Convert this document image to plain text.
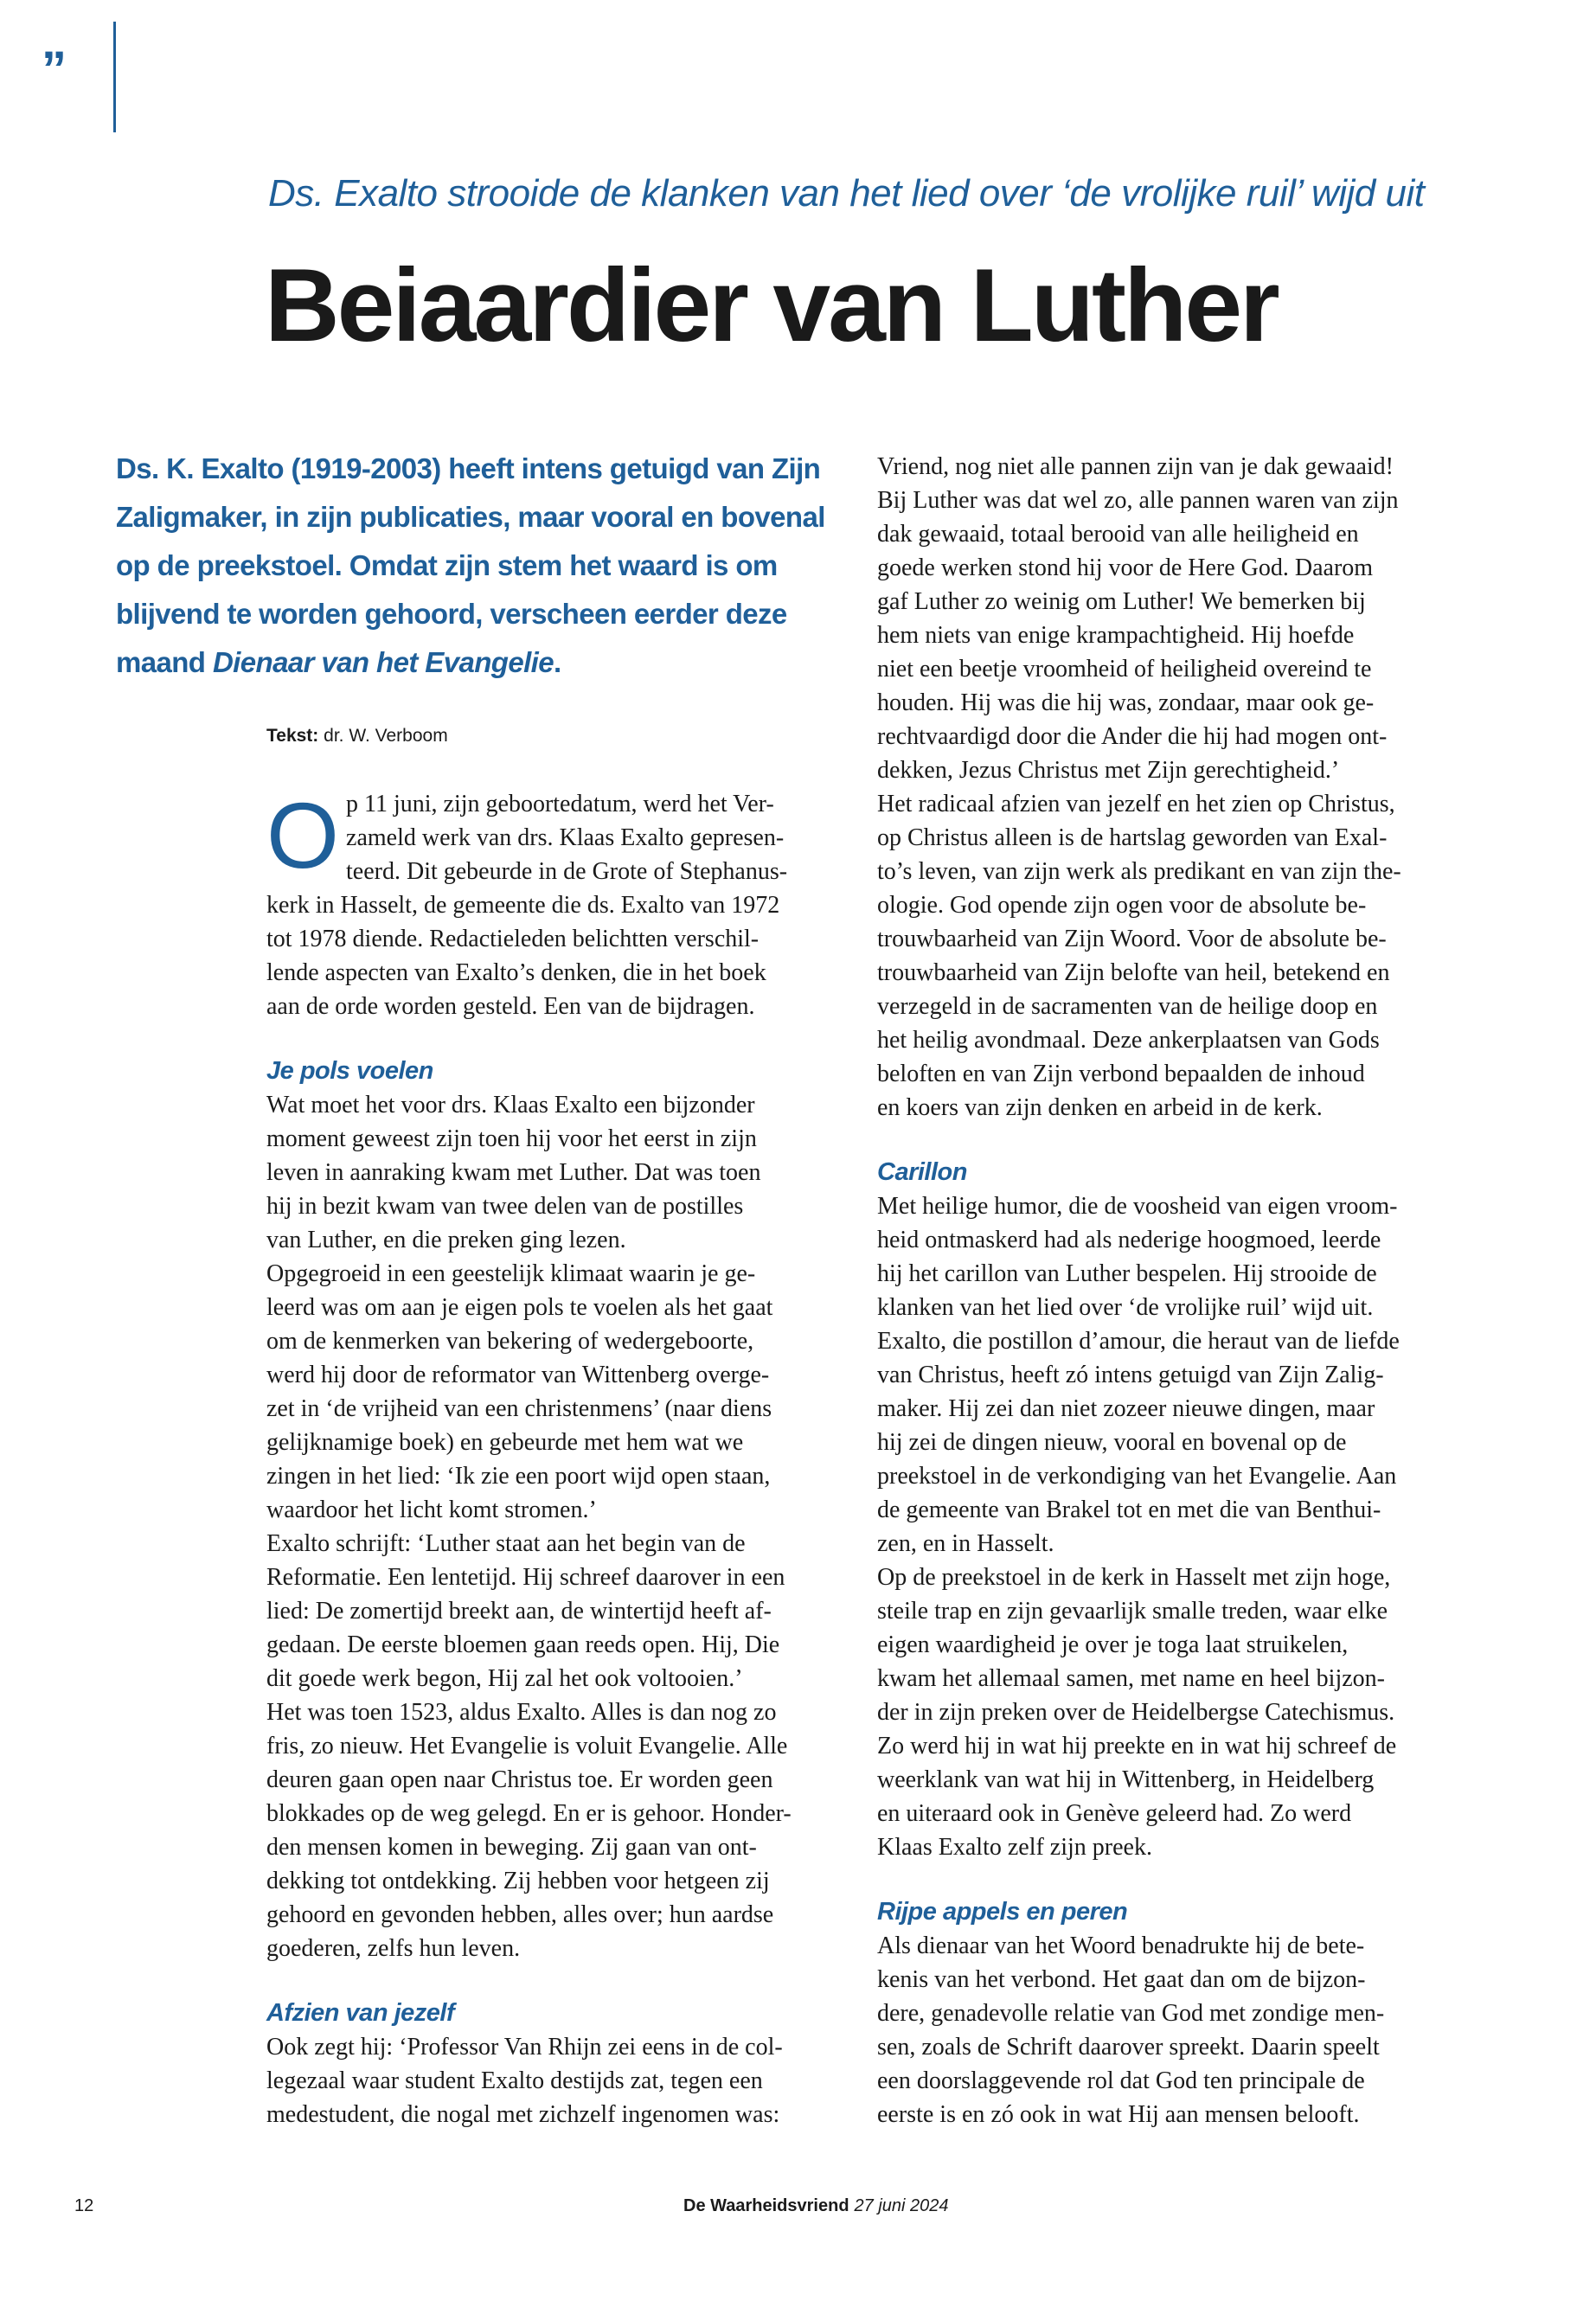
”
Ds. Exalto strooide de klanken van het lied over ‘de vrolijke ruil’ wijd uit
Beiaardier van Luther
Ds. K. Exalto (1919-2003) heeft intens getuigd van Zijn Zaligmaker, in zijn publicaties, maar vooral en bovenal op de preekstoel. Omdat zijn stem het waard is om blijvend te worden gehoord, verscheen eerder deze maand Dienaar van het Evangelie.
Tekst: dr. W. Verboom
O p 11 juni, zijn geboortedatum, werd het Ver-
zameld werk van drs. Klaas Exalto gepresen-
teerd. Dit gebeurde in de Grote of Stephanus-
kerk in Hasselt, de gemeente die ds. Exalto van 1972
tot 1978 diende. Redactieleden belichtten verschil-
lende aspecten van Exalto’s denken, die in het boek
aan de orde worden gesteld. Een van de bijdragen.
Je pols voelen
Wat moet het voor drs. Klaas Exalto een bijzonder
moment geweest zijn toen hij voor het eerst in zijn
leven in aanraking kwam met Luther. Dat was toen
hij in bezit kwam van twee delen van de postilles
van Luther, en die preken ging lezen.
Opgegroeid in een geestelijk klimaat waarin je ge-
leerd was om aan je eigen pols te voelen als het gaat
om de kenmerken van bekering of wedergeboorte,
werd hij door de reformator van Wittenberg overge-
zet in ‘de vrijheid van een christenmens’ (naar diens
gelijknamige boek) en gebeurde met hem wat we
zingen in het lied: ‘Ik zie een poort wijd open staan,
waardoor het licht komt stromen.’
Exalto schrijft: ‘Luther staat aan het begin van de
Reformatie. Een lentetijd. Hij schreef daarover in een
lied: De zomertijd breekt aan, de wintertijd heeft af-
gedaan. De eerste bloemen gaan reeds open. Hij, Die
dit goede werk begon, Hij zal het ook voltooien.’
Het was toen 1523, aldus Exalto. Alles is dan nog zo
fris, zo nieuw. Het Evangelie is voluit Evangelie. Alle
deuren gaan open naar Christus toe. Er worden geen
blokkades op de weg gelegd. En er is gehoor. Honder-
den mensen komen in beweging. Zij gaan van ont-
dekking tot ontdekking. Zij hebben voor hetgeen zij
gehoord en gevonden hebben, alles over; hun aardse
goederen, zelfs hun leven.
Afzien van jezelf
Ook zegt hij: ‘Professor Van Rhijn zei eens in de col-
legezaal waar student Exalto destijds zat, tegen een
medestudent, die nogal met zichzelf ingenomen was:
Vriend, nog niet alle pannen zijn van je dak gewaaid!
Bij Luther was dat wel zo, alle pannen waren van zijn
dak gewaaid, totaal berooid van alle heiligheid en
goede werken stond hij voor de Here God. Daarom
gaf Luther zo weinig om Luther! We bemerken bij
hem niets van enige krampachtigheid. Hij hoefde
niet een beetje vroomheid of heiligheid overeind te
houden. Hij was die hij was, zondaar, maar ook ge-
rechtvaardigd door die Ander die hij had mogen ont-
dekken, Jezus Christus met Zijn gerechtigheid.’
Het radicaal afzien van jezelf en het zien op Christus,
op Christus alleen is de hartslag geworden van Exal-
to’s leven, van zijn werk als predikant en van zijn the-
ologie. God opende zijn ogen voor de absolute be-
trouwbaarheid van Zijn Woord. Voor de absolute be-
trouwbaarheid van Zijn belofte van heil, betekend en
verzegeld in de sacramenten van de heilige doop en
het heilig avondmaal. Deze ankerplaatsen van Gods
beloften en van Zijn verbond bepaalden de inhoud
en koers van zijn denken en arbeid in de kerk.
Carillon
Met heilige humor, die de voosheid van eigen vroom-
heid ontmaskerd had als nederige hoogmoed, leerde
hij het carillon van Luther bespelen. Hij strooide de
klanken van het lied over ‘de vrolijke ruil’ wijd uit.
Exalto, die postillon d’amour, die heraut van de liefde
van Christus, heeft zó intens getuigd van Zijn Zalig-
maker. Hij zei dan niet zozeer nieuwe dingen, maar
hij zei de dingen nieuw, vooral en bovenal op de
preekstoel in de verkondiging van het Evangelie. Aan
de gemeente van Brakel tot en met die van Benthui-
zen, en in Hasselt.
Op de preekstoel in de kerk in Hasselt met zijn hoge,
steile trap en zijn gevaarlijk smalle treden, waar elke
eigen waardigheid je over je toga laat struikelen,
kwam het allemaal samen, met name en heel bijzon-
der in zijn preken over de Heidelbergse Catechismus.
Zo werd hij in wat hij preekte en in wat hij schreef de
weerklank van wat hij in Wittenberg, in Heidelberg
en uiteraard ook in Genève geleerd had. Zo werd
Klaas Exalto zelf zijn preek.
Rijpe appels en peren
Als dienaar van het Woord benadrukte hij de bete-
kenis van het verbond. Het gaat dan om de bijzon-
dere, genadevolle relatie van God met zondige men-
sen, zoals de Schrift daarover spreekt. Daarin speelt
een doorslaggevende rol dat God ten principale de
eerste is en zó ook in wat Hij aan mensen belooft.
12	De Waarheidsvriend 27 juni 2024
